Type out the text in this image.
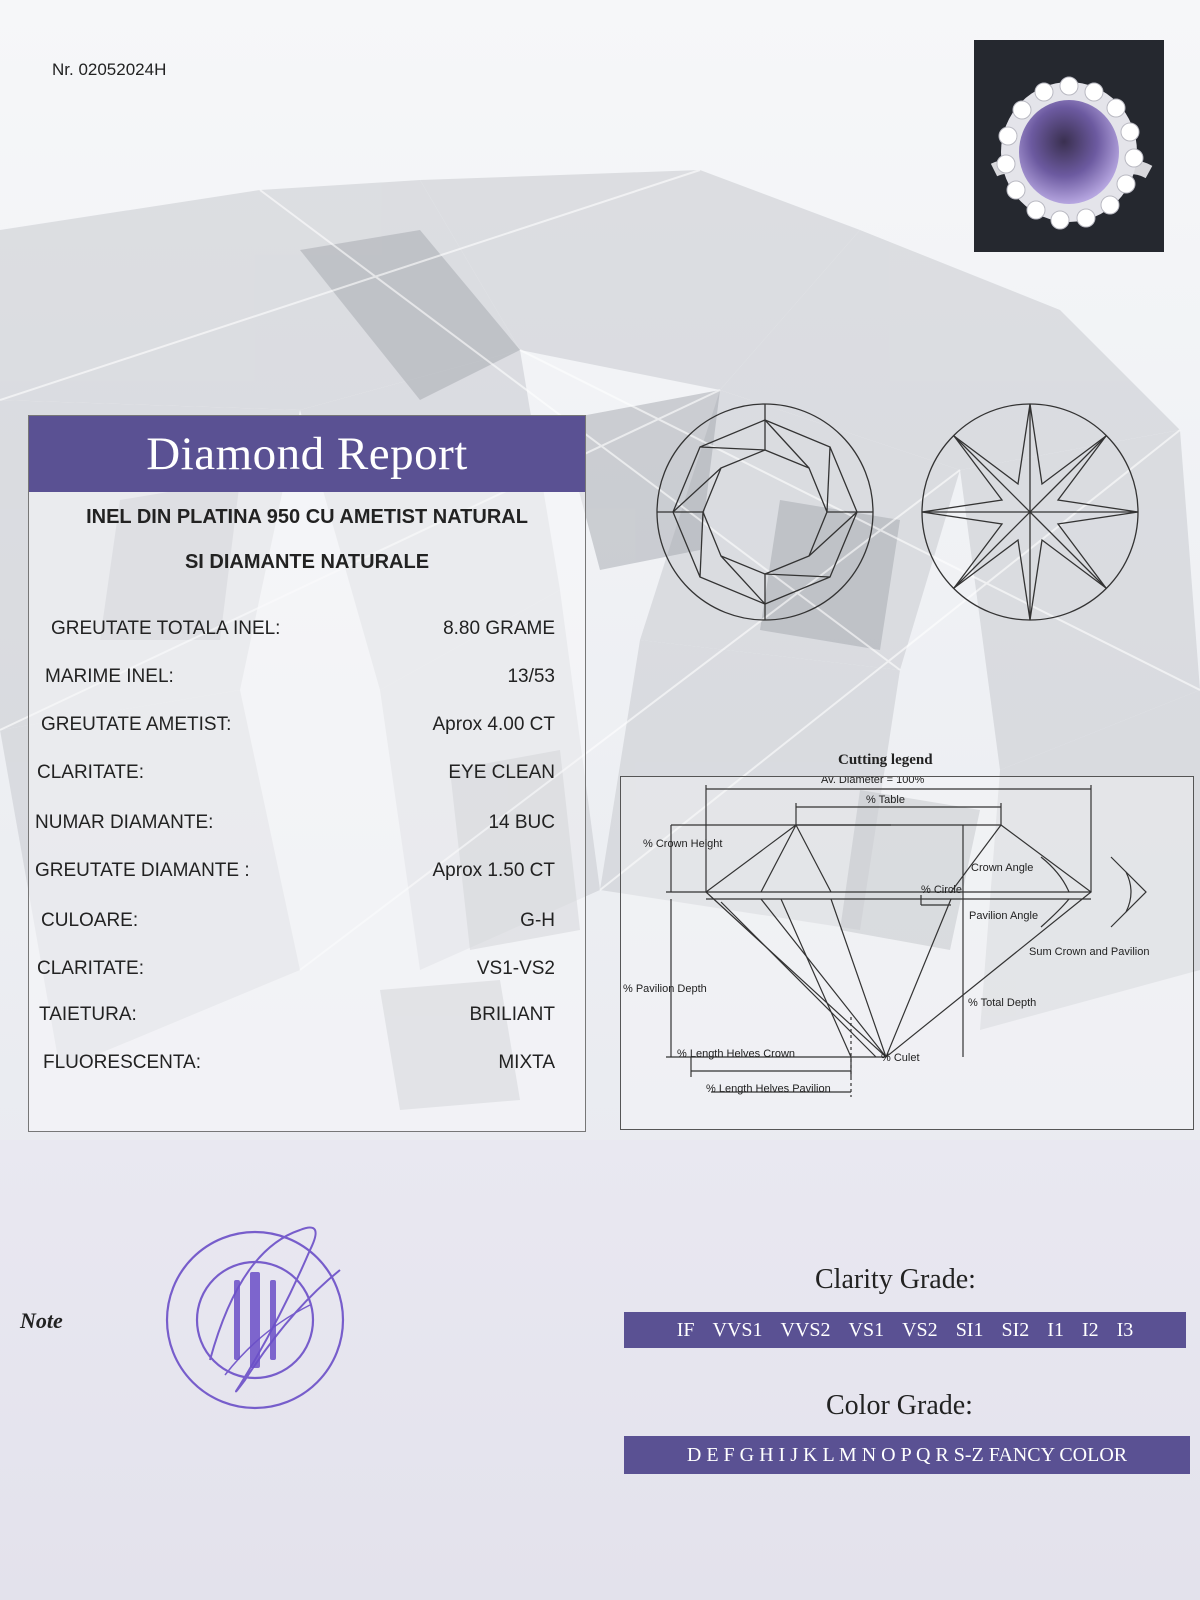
Nr. 02052024H
Diamond Report
INEL DIN PLATINA 950 CU AMETIST NATURAL
SI DIAMANTE NATURALE
GREUTATE TOTALA INEL:	8.80 GRAME
MARIME INEL:	13/53
GREUTATE AMETIST:	Aprox 4.00 CT
CLARITATE:	EYE CLEAN
NUMAR DIAMANTE:	14 BUC
GREUTATE DIAMANTE :	Aprox 1.50 CT
CULOARE:	G-H
CLARITATE:	VS1-VS2
TAIETURA:	BRILIANT
FLUORESCENTA:	MIXTA
Cutting legend
Av. Diameter = 100%
% Table
% Crown Height
Crown Angle
% Circle
Pavilion Angle
Sum Crown and Pavilion
% Pavilion Depth
% Total Depth
% Length Helves Crown	% Culet
% Length Helves Pavilion
Note
Clarity Grade:
IF VVS1 VVS2 VS1 VS2 SI1 SI2 I1 I2 I3
Color Grade:
D E F G H I J K L M N O P Q R S-Z FANCY COLOR
